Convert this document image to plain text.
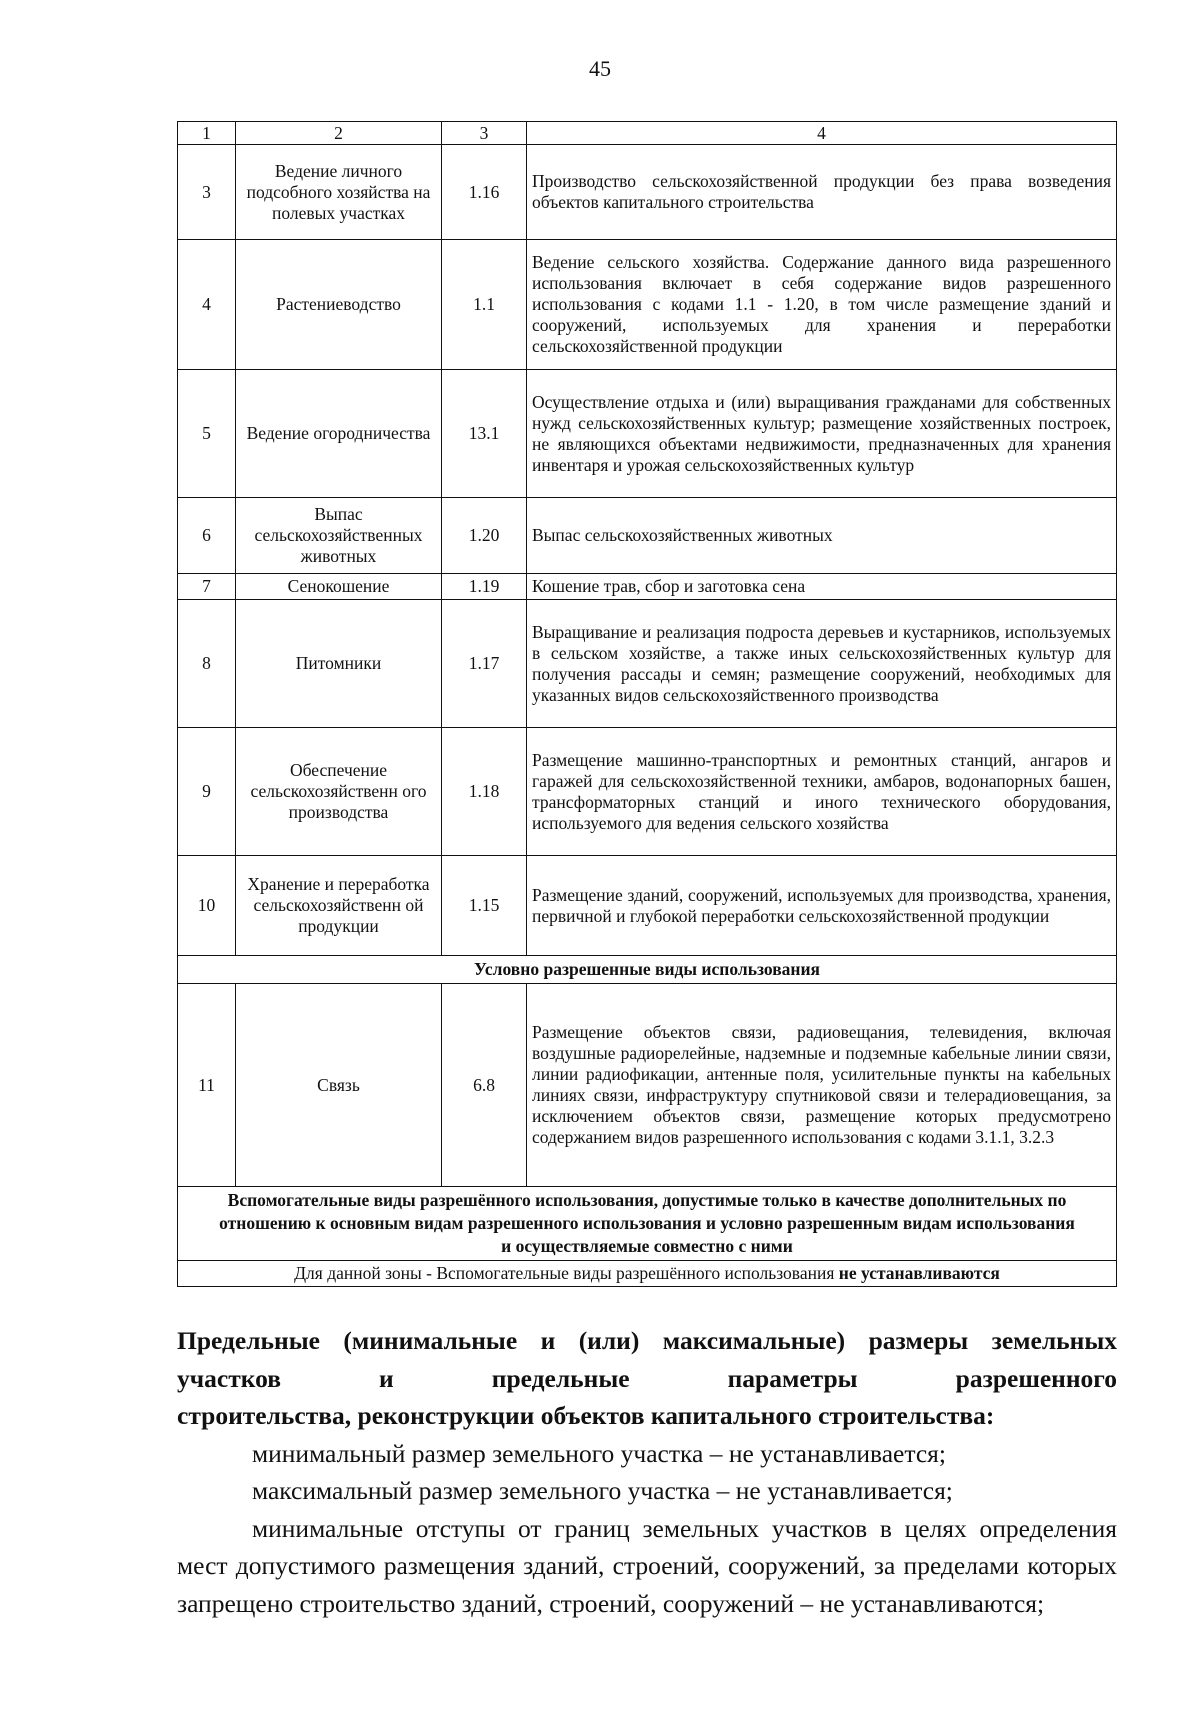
45
1	2	3	4
3	Ведение личного подсобного хозяйства на полевых участках	1.16	Производство сельскохозяйственной продукции без права возведения объектов капитального строительства
4	Растениеводство	1.1	Ведение сельского хозяйства. Содержание данного вида разрешенного использования включает в себя содержание видов разрешенного использования с кодами 1.1 - 1.20, в том числе размещение зданий и сооружений, используемых для хранения и переработки сельскохозяйственной продукции
5	Ведение огородничества	13.1	Осуществление отдыха и (или) выращивания гражданами для собственных нужд сельскохозяйственных культур; размещение хозяйственных построек, не являющихся объектами недвижимости, предназначенных для хранения инвентаря и урожая сельскохозяйственных культур
6	Выпас сельскохозяйственных животных	1.20	Выпас сельскохозяйственных животных
7	Сенокошение	1.19	Кошение трав, сбор и заготовка сена
8	Питомники	1.17	Выращивание и реализация подроста деревьев и кустарников, используемых в сельском хозяйстве, а также иных сельскохозяйственных культур для получения рассады и семян; размещение сооружений, необходимых для указанных видов сельскохозяйственного производства
9	Обеспечение сельскохозяйственн ого производства	1.18	Размещение машинно-транспортных и ремонтных станций, ангаров и гаражей для сельскохозяйственной техники, амбаров, водонапорных башен, трансформаторных станций и иного технического оборудования, используемого для ведения сельского хозяйства
10	Хранение и переработка сельскохозяйственн ой продукции	1.15	Размещение зданий, сооружений, используемых для производства, хранения, первичной и глубокой переработки сельскохозяйственной продукции
Условно разрешенные виды использования			
11	Связь	6.8	Размещение объектов связи, радиовещания, телевидения, включая воздушные радиорелейные, надземные и подземные кабельные линии связи, линии радиофикации, антенные поля, усилительные пункты на кабельных линиях связи, инфраструктуру спутниковой связи и телерадиовещания, за исключением объектов связи, размещение которых предусмотрено содержанием видов разрешенного использования с кодами 3.1.1, 3.2.3
Вспомогательные виды разрешённого использования, допустимые только в качестве дополнительных по отношению к основным видам разрешенного использования и условно разрешенным видам использования и осуществляемые совместно с ними			
Для данной зоны - Вспомогательные виды разрешённого использования не устанавливаются			
Предельные (минимальные и (или) максимальные) размеры земельных участков и предельные параметры разрешенного
строительства, реконструкции объектов капитального строительства:
минимальный размер земельного участка – не устанавливается;
максимальный размер земельного участка – не устанавливается;
минимальные отступы от границ земельных участков в целях определения мест допустимого размещения зданий, строений, сооружений, за пределами которых запрещено строительство зданий, строений, сооружений – не устанавливаются;
